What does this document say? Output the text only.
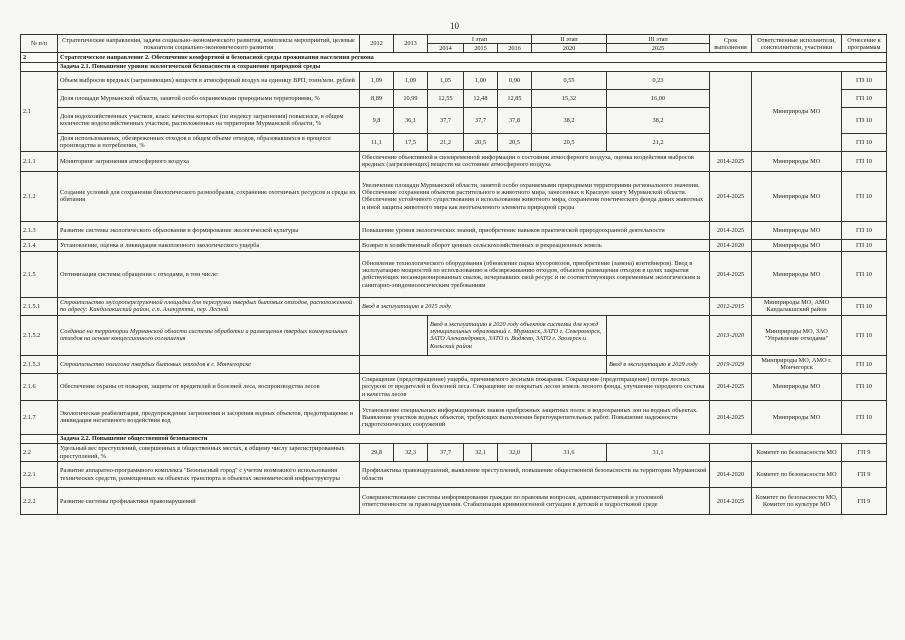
10
№ п/п	Стратегические направления, задачи социально-экономического развития, комплексы мероприятий, целевые показатели социально-экономического развития	2012	2013	I этап			II этап	III этап	Срок выполнения	Ответственные исполнители, соисполнители, участники	Отнесение к программам
				2014	2015	2016	2020	2025			
2	Стратегическое направление 2. Обеспечение комфортной и безопасной среды проживания населения региона										
	Задача 2.1. Повышение уровня экологической безопасности и сохранение природной среды										
2.1	Объем выбросов вредных (загрязняющих) веществ в атмосферный воздух на единицу ВРП, тонн/млн. рублей	1,09	1,09	1,05	1,00	0,90	0,55	0,23		Минприроды МО	ГП 10
	Доля площади Мурманской области, занятой особо охраняемыми природными территориями, %	8,89	10,99	12,55	12,48	12,85	15,32	16,00			ГП 10
	Доля водохозяйственных участков, класс качества которых (по индексу загрязнения) повысился, в общем количестве водохозяйственных участков, расположенных на территории Мурманской области, %	9,8	36,1	37,7	37,7	37,8	38,2	38,2			ГП 10
	Доля использованных, обезвреженных отходов в общем объеме отходов, образовавшихся в процессе производства и потребления, %	11,1	17,5	21,2	20,5	20,5	20,5	21,2			ГП 10
2.1.1	Мониторинг загрязнения атмосферного воздуха	Обеспечение объективной и своевременной информации о состоянии атмосферного воздуха, оценка воздействия выбросов вредных (загрязняющих) веществ на состояние атмосферного воздуха							2014-2025	Минприроды МО	ГП 10
2.1.2	Создание условий для сохранения биологического разнообразия, сохранение охотничьих ресурсов и среды их обитания	Увеличение площади Мурманской области, занятой особо охраняемыми природными территориями регионального значения. Обеспечение сохранения объектов растительного и животного мира, занесенных в Красную книгу Мурманской области. Обеспечение устойчивого существования и использования животного мира, сохранения генетического фонда диких животных и иной защиты животного мира как неотъемлемого элемента природной среды							2014-2025	Минприроды МО	ГП 10
2.1.3	Развитие системы экологического образования и формирование экологической культуры	Повышение уровня экологических знаний, приобретение навыков практической природоохранной деятельности							2014-2025	Минприроды МО	ГП 10
2.1.4	Установление, оценка и ликвидация накопленного экологического ущерба	Возврат в хозяйственный оборот ценных сельскохозяйственных и рекреационных земель							2014-2020	Минприроды МО	ГП 10
2.1.5	Оптимизация системы обращения с отходами, в том числе:	Обновление технологического оборудования (обновление парка мусоровозов, приобретение (замена) контейнеров). Ввод в эксплуатацию мощностей по использованию и обезвреживанию отходов, объектов размещения отходов в целях закрытия действующих несанкционированных свалок, исчерпавших свой ресурс и не соответствующих современным экологическим и санитарно-эпидемиологическим требованиям							2014-2025	Минприроды МО	ГП 10
2.1.5.1	Строительство мусороперегрузочной площадки для перегрузки твердых бытовых отходов, расположенной по адресу: Кандалакшский район, с.п. Алакуртти, пер. Лесной	Ввод в эксплуатацию в 2015 году							2012-2015	Минприроды МО, АМО Кандалакшский район	ГП 10
2.1.5.2	Создание на территории Мурманской области системы обработки и размещения твердых коммунальных отходов на основе концессионного соглашения			Ввод в эксплуатацию в 2020 году объектов системы для нужд муниципальных образований г. Мурманск, ЗАТО г. Североморск, ЗАТО Александровск, ЗАТО п. Видяево, ЗАТО г. Заозерск и Кольский район					2013-2020	Минприроды МО, ЗАО "Управление отходами"	ГП 10
2.1.5.3	Строительство полигона твердых бытовых отходов в г. Мончегорске							Ввод в эксплуатацию в 2029 году	2019-2029	Минприроды МО, АМО г. Мончегорск	ГП 10
2.1.6	Обеспечение охраны от пожаров, защиты от вредителей и болезней леса, воспроизводства лесов	Сокращение (предотвращение) ущерба, причиняемого лесными пожарами. Сокращение (предотвращение) потерь лесных ресурсов от вредителей и болезней леса. Сокращение не покрытых лесом земель лесного фонда, улучшение породного состава и качества лесов							2014-2025	Минприроды МО	ГП 10
2.1.7	Экологическая реабилитация, предупреждение загрязнения и засорения водных объектов, предотвращение и ликвидация негативного воздействия вод	Установление специальных информационных знаков прибрежных защитных полос и водоохранных зон на водных объектах. Выявление участков водных объектов, требующих выполнения берегоукрепительных работ. Повышение надежности гидротехнических сооружений							2014-2025	Минприроды МО	ГП 10
	Задача 2.2. Повышение общественной безопасности										
2.2	Удельный вес преступлений, совершенных в общественных местах, к общему числу зарегистрированных преступлений, %	29,8	32,3	37,7	32,1	32,0	31,6	31,1		Комитет по безопасности МО	ГП 9
2.2.1	Развитие аппаратно-программного комплекса "Безопасный город" с учетом возможного использования технических средств, размещенных на объектах транспорта и объектах экономической инфраструктуры	Профилактика правонарушений, выявление преступлений, повышение общественной безопасности на территории Мурманской области							2014-2020	Комитет по безопасности МО	ГП 9
2.2.2	Развитие системы профилактики правонарушений	Совершенствование системы информирования граждан по правовым вопросам, административной и уголовной ответственности за правонарушения. Стабилизация криминогенной ситуации в детской и подростковой среде							2014-2025	Комитет по безопасности МО, Комитет по культуре МО	ГП 9
